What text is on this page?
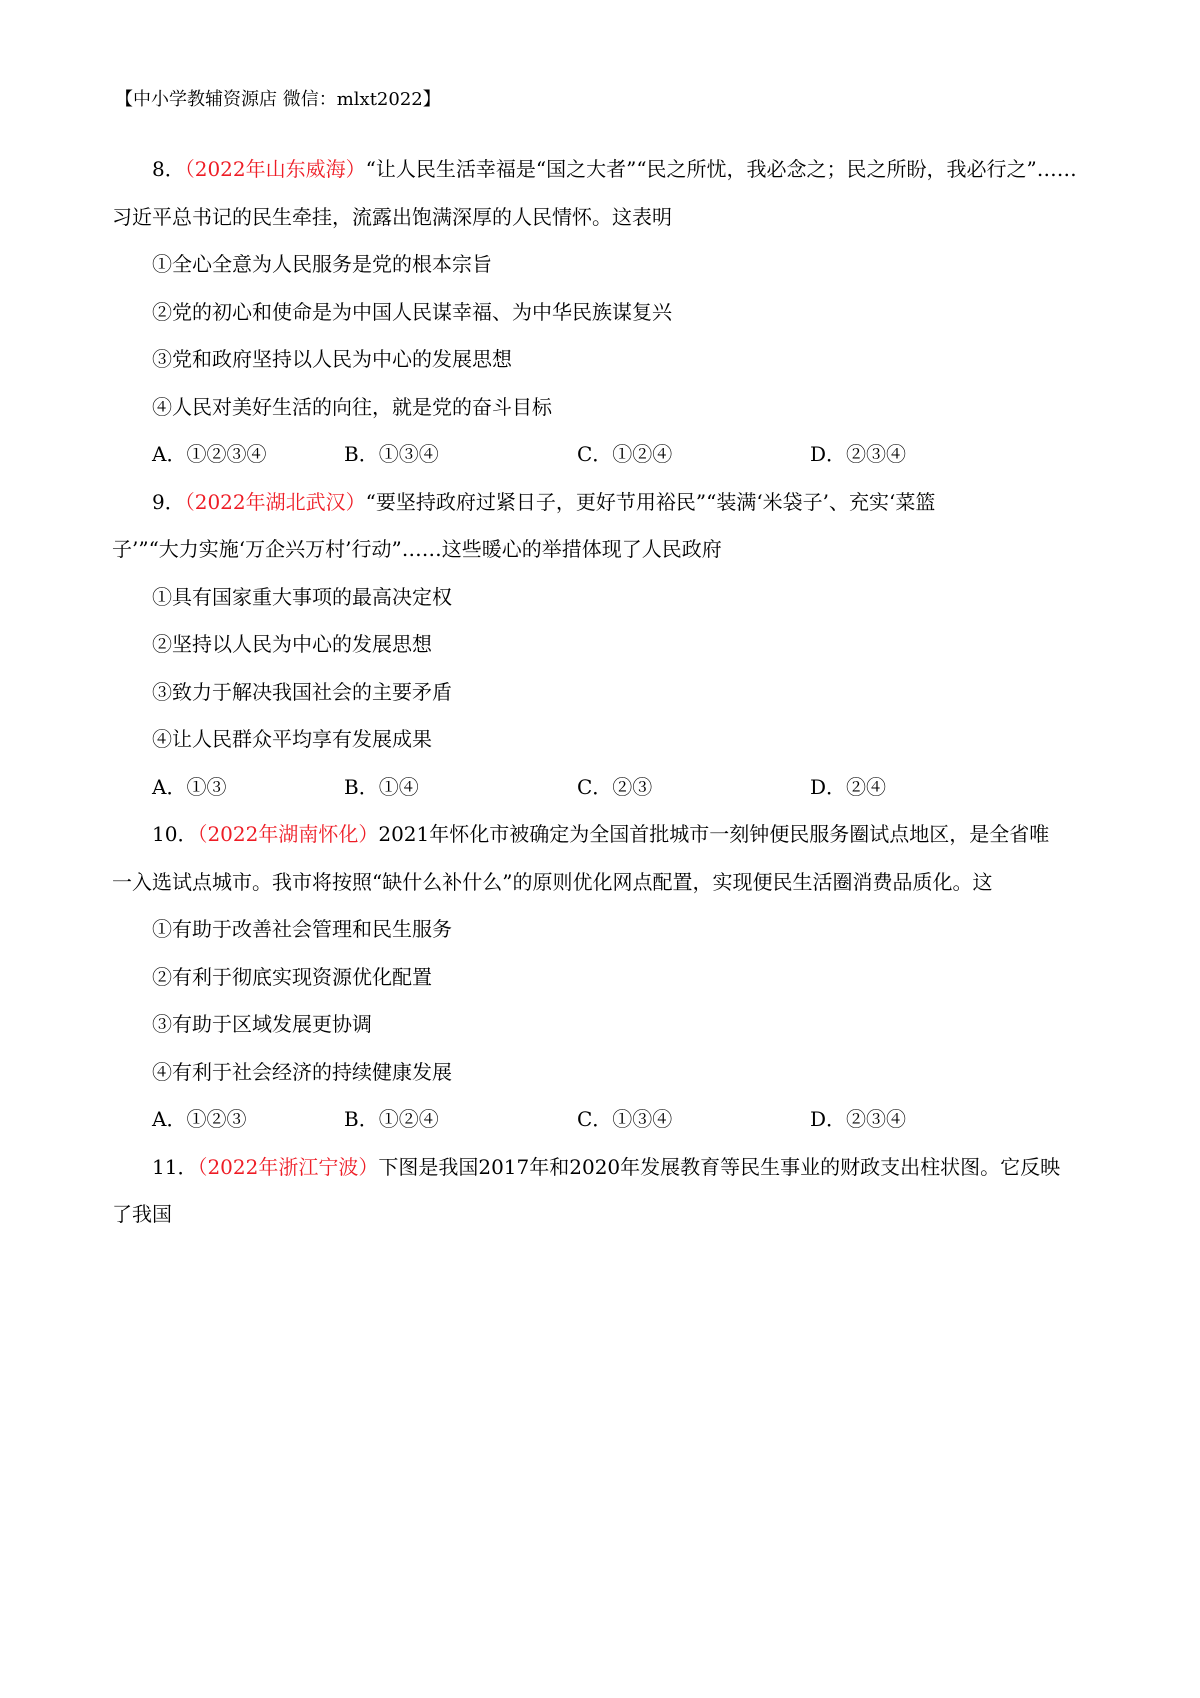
【中小学教辅资源店 微信：mlxt2022】
8．（2022年山东威海）“让人民生活幸福是“国之大者”“民之所忧，我必念之；民之所盼，我必行之”……
习近平总书记的民生牵挂，流露出饱满深厚的人民情怀。这表明
①全心全意为人民服务是党的根本宗旨
②党的初心和使命是为中国人民谋幸福、为中华民族谋复兴
③党和政府坚持以人民为中心的发展思想
④人民对美好生活的向往，就是党的奋斗目标
A．①②③④	B．①③④	C．①②④	D．②③④
9．（2022年湖北武汉）“要坚持政府过紧日子，更好节用裕民”“装满‘米袋子’、充实‘菜篮
子’”“大力实施‘万企兴万村’行动”……这些暖心的举措体现了人民政府
①具有国家重大事项的最高决定权
②坚持以人民为中心的发展思想
③致力于解决我国社会的主要矛盾
④让人民群众平均享有发展成果
A．①③	B．①④	C．②③	D．②④
10．（2022年湖南怀化）2021年怀化市被确定为全国首批城市一刻钟便民服务圈试点地区，是全省唯
一入选试点城市。我市将按照“缺什么补什么”的原则优化网点配置，实现便民生活圈消费品质化。这
①有助于改善社会管理和民生服务
②有利于彻底实现资源优化配置
③有助于区域发展更协调
④有利于社会经济的持续健康发展
A．①②③	B．①②④	C．①③④	D．②③④
11．（2022年浙江宁波）下图是我国2017年和2020年发展教育等民生事业的财政支出柱状图。它反映
了我国
